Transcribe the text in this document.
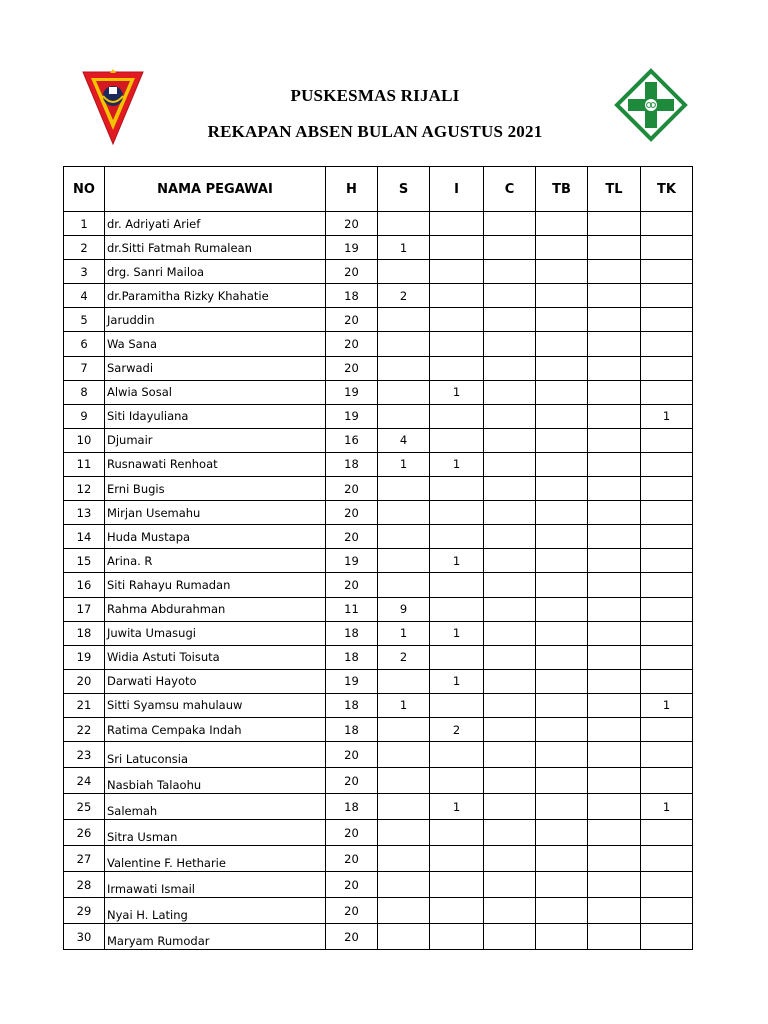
PUSKESMAS RIJALI
REKAPAN ABSEN BULAN AGUSTUS 2021
NO	NAMA PEGAWAI	H	S	I	C	TB	TL	TK
1	dr. Adriyati Arief	20						
2	dr.Sitti Fatmah Rumalean	19	1					
3	drg. Sanri Mailoa	20						
4	dr.Paramitha Rizky Khahatie	18	2					
5	Jaruddin	20						
6	Wa Sana	20						
7	Sarwadi	20						
8	Alwia Sosal	19		1				
9	Siti Idayuliana	19						1
10	Djumair	16	4					
11	Rusnawati Renhoat	18	1	1				
12	Erni Bugis	20						
13	Mirjan Usemahu	20						
14	Huda Mustapa	20						
15	Arina. R	19		1				
16	Siti Rahayu Rumadan	20						
17	Rahma Abdurahman	11	9					
18	Juwita Umasugi	18	1	1				
19	Widia Astuti Toisuta	18	2					
20	Darwati Hayoto	19		1				
21	Sitti Syamsu mahulauw	18	1					1
22	Ratima Cempaka Indah	18		2				
23	Sri Latuconsia	20						
24	Nasbiah Talaohu	20						
25	Salemah	18		1				1
26	Sitra Usman	20						
27	Valentine F. Hetharie	20						
28	Irmawati Ismail	20						
29	Nyai H. Lating	20						
30	Maryam Rumodar	20						
